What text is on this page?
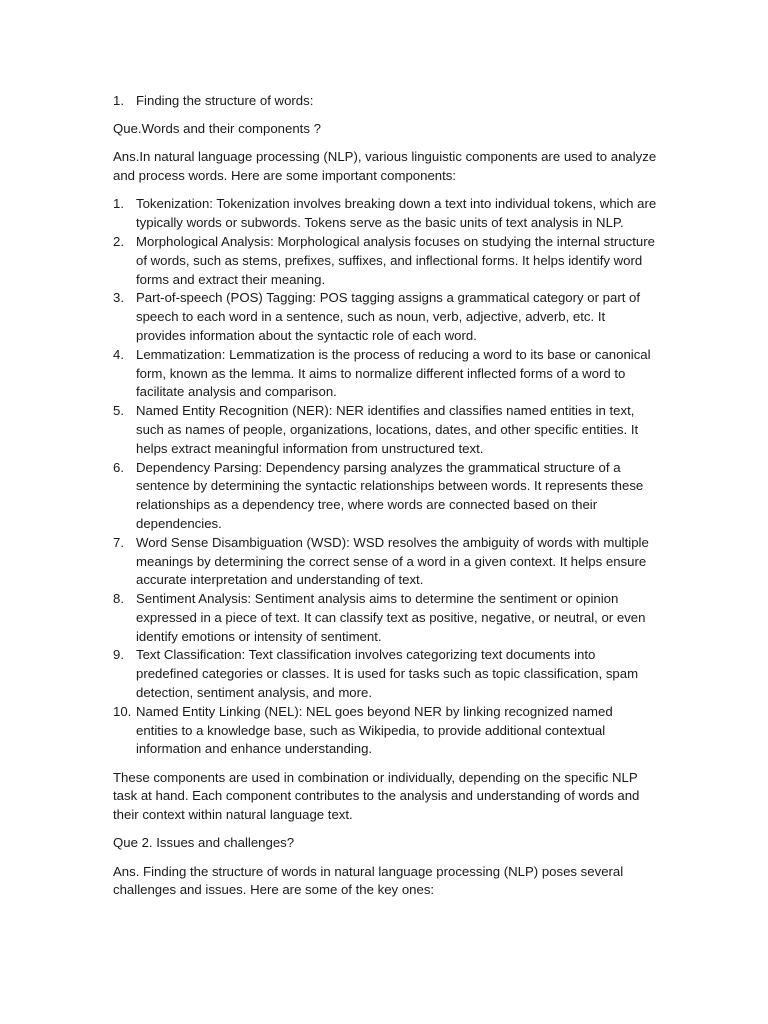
1. Finding the structure of words:

Que.Words and their components ?

Ans.In natural language processing (NLP), various linguistic components are used to analyze and process words. Here are some important components:

1. Tokenization: Tokenization involves breaking down a text into individual tokens, which are typically words or subwords. Tokens serve as the basic units of text analysis in NLP.
2. Morphological Analysis: Morphological analysis focuses on studying the internal structure of words, such as stems, prefixes, suffixes, and inflectional forms. It helps identify word forms and extract their meaning.
3. Part-of-speech (POS) Tagging: POS tagging assigns a grammatical category or part of speech to each word in a sentence, such as noun, verb, adjective, adverb, etc. It provides information about the syntactic role of each word.
4. Lemmatization: Lemmatization is the process of reducing a word to its base or canonical form, known as the lemma. It aims to normalize different inflected forms of a word to facilitate analysis and comparison.
5. Named Entity Recognition (NER): NER identifies and classifies named entities in text, such as names of people, organizations, locations, dates, and other specific entities. It helps extract meaningful information from unstructured text.
6. Dependency Parsing: Dependency parsing analyzes the grammatical structure of a sentence by determining the syntactic relationships between words. It represents these relationships as a dependency tree, where words are connected based on their dependencies.
7. Word Sense Disambiguation (WSD): WSD resolves the ambiguity of words with multiple meanings by determining the correct sense of a word in a given context. It helps ensure accurate interpretation and understanding of text.
8. Sentiment Analysis: Sentiment analysis aims to determine the sentiment or opinion expressed in a piece of text. It can classify text as positive, negative, or neutral, or even identify emotions or intensity of sentiment.
9. Text Classification: Text classification involves categorizing text documents into predefined categories or classes. It is used for tasks such as topic classification, spam detection, sentiment analysis, and more.
10. Named Entity Linking (NEL): NEL goes beyond NER by linking recognized named entities to a knowledge base, such as Wikipedia, to provide additional contextual information and enhance understanding.

These components are used in combination or individually, depending on the specific NLP task at hand. Each component contributes to the analysis and understanding of words and their context within natural language text.

Que 2. Issues and challenges?

Ans. Finding the structure of words in natural language processing (NLP) poses several challenges and issues. Here are some of the key ones:
